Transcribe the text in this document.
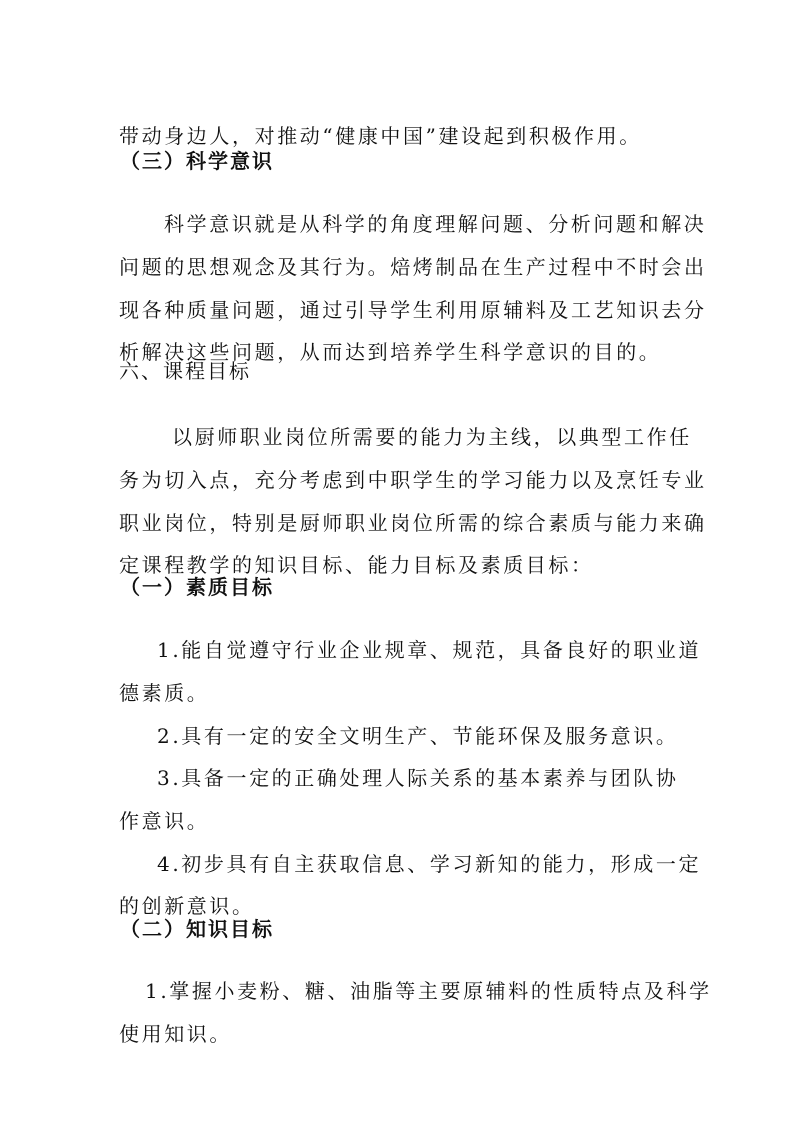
带动身边人，对推动“健康中国”建设起到积极作用。

（三）科学意识

科学意识就是从科学的角度理解问题、分析问题和解决

问题的思想观念及其行为。焙烤制品在生产过程中不时会出

现各种质量问题，通过引导学生利用原辅料及工艺知识去分

析解决这些问题，从而达到培养学生科学意识的目的。

六、课程目标

以厨师职业岗位所需要的能力为主线，以典型工作任

务为切入点，充分考虑到中职学生的学习能力以及烹饪专业

职业岗位，特别是厨师职业岗位所需的综合素质与能力来确

定课程教学的知识目标、能力目标及素质目标：

（一）素质目标

1.能自觉遵守行业企业规章、规范，具备良好的职业道

德素质。

2.具有一定的安全文明生产、节能环保及服务意识。

3.具备一定的正确处理人际关系的基本素养与团队协

作意识。

4.初步具有自主获取信息、学习新知的能力，形成一定

的创新意识。

（二）知识目标

1.掌握小麦粉、糖、油脂等主要原辅料的性质特点及科学

使用知识。
